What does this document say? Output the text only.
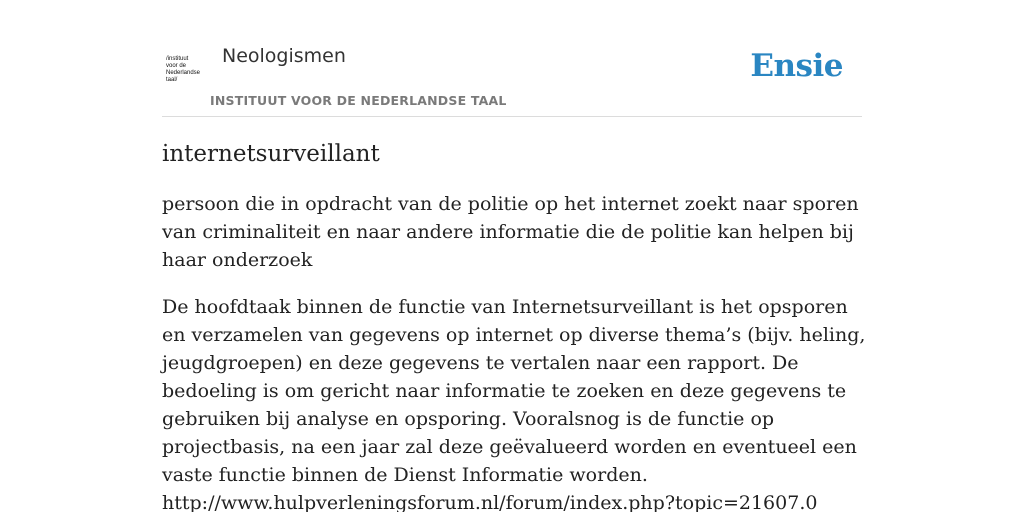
/instituut
voor de
Nederlandse
taal/
Neologismen
INSTITUUT VOOR DE NEDERLANDSE TAAL
Ensie
internetsurveillant

persoon die in opdracht van de politie op het internet zoekt naar sporen van criminaliteit en naar andere informatie die de politie kan helpen bij haar onderzoek

De hoofdtaak binnen de functie van Internetsurveillant is het opsporen en verzamelen van gegevens op internet op diverse thema’s (bijv. heling, jeugdgroepen) en deze gegevens te vertalen naar een rapport. De bedoeling is om gericht naar informatie te zoeken en deze gegevens te gebruiken bij analyse en opsporing. Vooralsnog is de functie op projectbasis, na een jaar zal deze geëvalueerd worden en eventueel een vaste functie binnen de Dienst Informatie worden.
http://www.hulpverleningsforum.nl/forum/index.php?topic=21607.0
